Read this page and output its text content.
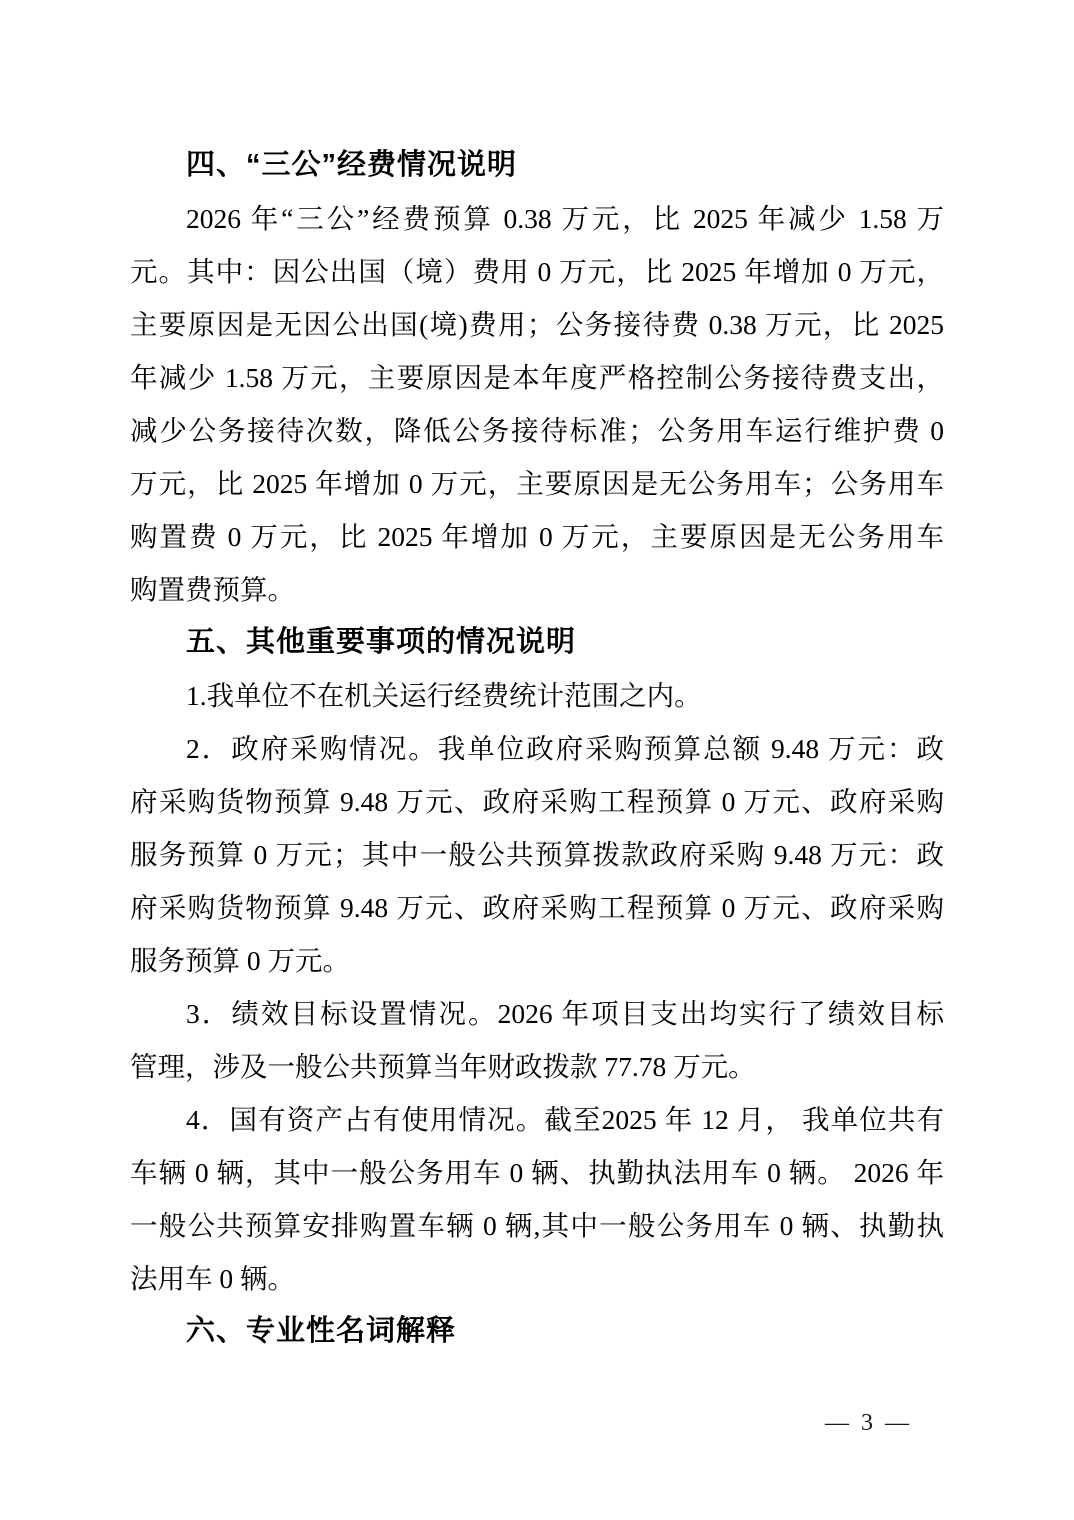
四、“三公”经费情况说明
2026 年“三公”经费预算 0.38 万元，比 2025 年减少 1.58 万
元。其中：因公出国（境）费用 0 万元，比 2025 年增加 0 万元，
主要原因是无因公出国(境)费用；公务接待费 0.38 万元，比 2025
年减少 1.58 万元，主要原因是本年度严格控制公务接待费支出，
减少公务接待次数，降低公务接待标准；公务用车运行维护费 0
万元，比 2025 年增加 0 万元，主要原因是无公务用车；公务用车
购置费 0 万元，比 2025 年增加 0 万元，主要原因是无公务用车
购置费预算。
五、其他重要事项的情况说明
1.我单位不在机关运行经费统计范围之内。
2．政府采购情况。我单位政府采购预算总额 9.48 万元：政
府采购货物预算 9.48 万元、政府采购工程预算 0 万元、政府采购
服务预算 0 万元；其中一般公共预算拨款政府采购 9.48 万元：政
府采购货物预算 9.48 万元、政府采购工程预算 0 万元、政府采购
服务预算 0 万元。
3．绩效目标设置情况。2026 年项目支出均实行了绩效目标
管理，涉及一般公共预算当年财政拨款 77.78 万元。
4．国有资产占有使用情况。截至2025 年 12 月， 我单位共有
车辆 0 辆，其中一般公务用车 0 辆、执勤执法用车 0 辆。 2026 年
一般公共预算安排购置车辆 0 辆,其中一般公务用车 0 辆、执勤执
法用车 0 辆。
六、专业性名词解释
— 3 —
